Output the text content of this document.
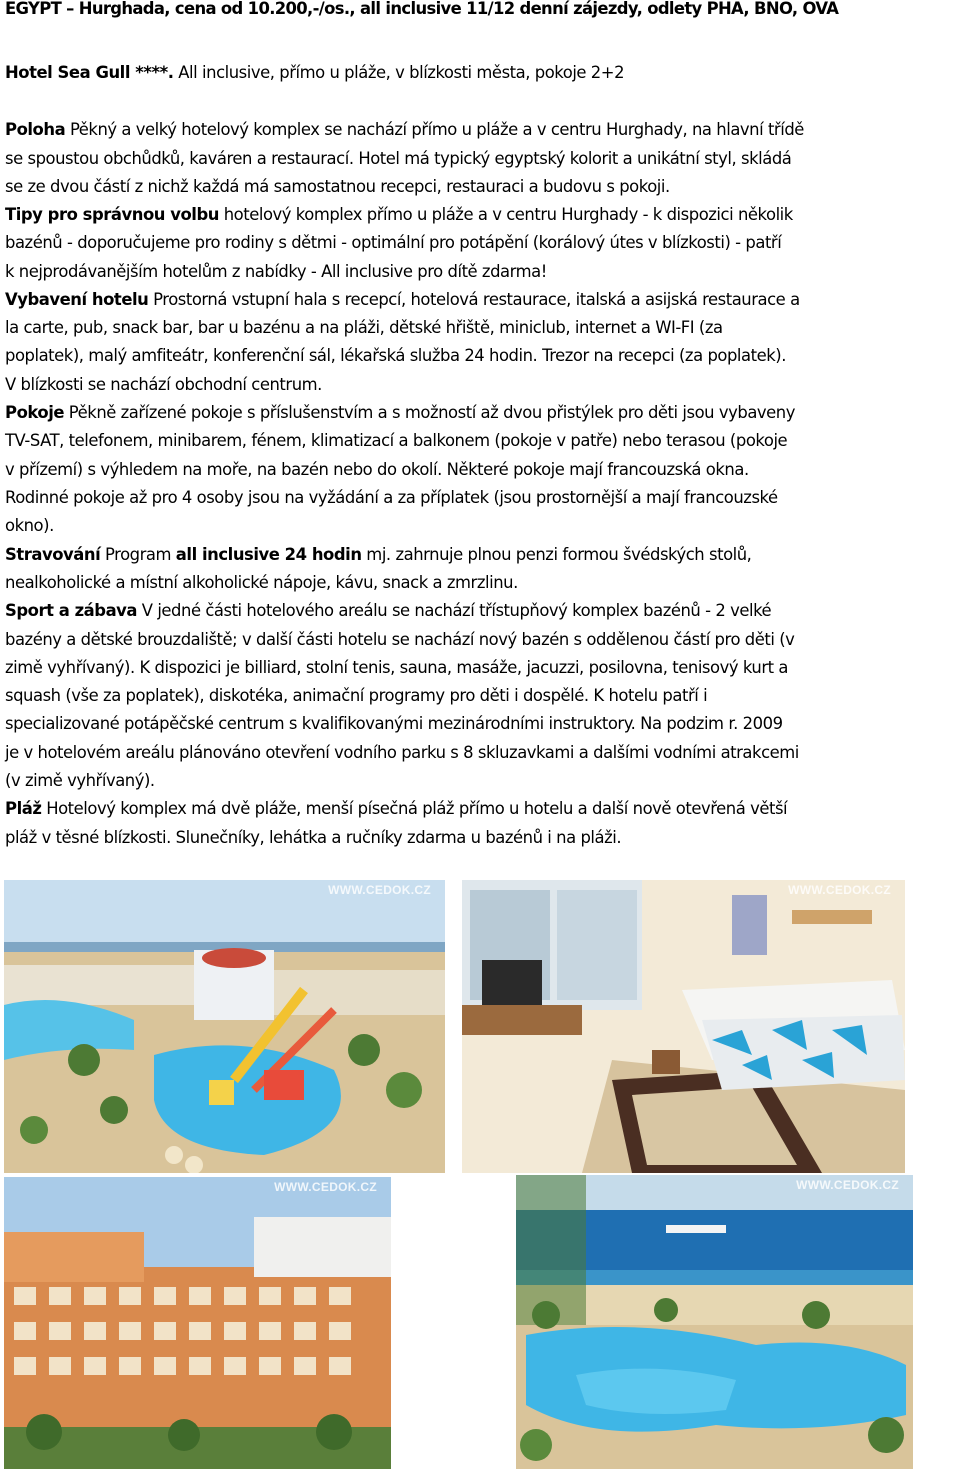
EGYPT – Hurghada, cena od 10.200,-/os., all inclusive 11/12 denní zájezdy, odlety PHA, BNO, OVA
Hotel Sea Gull ****. All inclusive, přímo u pláže, v blízkosti města, pokoje 2+2
Poloha Pěkný a velký hotelový komplex se nachází přímo u pláže a v centru Hurghady, na hlavní třídě
se spoustou obchůdků, kaváren a restaurací. Hotel má typický egyptský kolorit a unikátní styl, skládá
se ze dvou částí z nichž každá má samostatnou recepci, restauraci a budovu s pokoji.
Tipy pro správnou volbu hotelový komplex přímo u pláže a v centru Hurghady - k dispozici několik
bazénů - doporučujeme pro rodiny s dětmi - optimální pro potápění (korálový útes v blízkosti) - patří
k nejprodávanějším hotelům z nabídky - All inclusive pro dítě zdarma!
Vybavení hotelu Prostorná vstupní hala s recepcí, hotelová restaurace, italská a asijská restaurace a
la carte, pub, snack bar, bar u bazénu a na pláži, dětské hřiště, miniclub, internet a WI-FI (za
poplatek), malý amfiteátr, konferenční sál, lékařská služba 24 hodin. Trezor na recepci (za poplatek).
V blízkosti se nachází obchodní centrum.
Pokoje Pěkně zařízené pokoje s příslušenstvím a s možností až dvou přistýlek pro děti jsou vybaveny
TV-SAT, telefonem, minibarem, fénem, klimatizací a balkonem (pokoje v patře) nebo terasou (pokoje
v přízemí) s výhledem na moře, na bazén nebo do okolí. Některé pokoje mají francouzská okna.
Rodinné pokoje až pro 4 osoby jsou na vyžádání a za příplatek (jsou prostornější a mají francouzské
okno).
Stravování Program all inclusive 24 hodin mj. zahrnuje plnou penzi formou švédských stolů,
nealkoholické a místní alkoholické nápoje, kávu, snack a zmrzlinu.
Sport a zábava V jedné části hotelového areálu se nachází třístupňový komplex bazénů - 2 velké
bazény a dětské brouzdaliště; v další části hotelu se nachází nový bazén s oddělenou částí pro děti (v
zimě vyhřívaný). K dispozici je billiard, stolní tenis, sauna, masáže, jacuzzi, posilovna, tenisový kurt a
squash (vše za poplatek), diskotéka, animační programy pro děti i dospělé. K hotelu patří i
specializované potápěčské centrum s kvalifikovanými mezinárodními instruktory. Na podzim r. 2009
je v hotelovém areálu plánováno otevření vodního parku s 8 skluzavkami a dalšími vodními atrakcemi
(v zimě vyhřívaný).
Pláž Hotelový komplex má dvě pláže, menší písečná pláž přímo u hotelu a další nově otevřená větší
pláž v těsné blízkosti. Slunečníky, lehátka a ručníky zdarma u bazénů i na pláži.
WWW.CEDOK.CZ	WWW.CEDOK.CZ
WWW.CEDOK.CZ	WWW.CEDOK.CZ
